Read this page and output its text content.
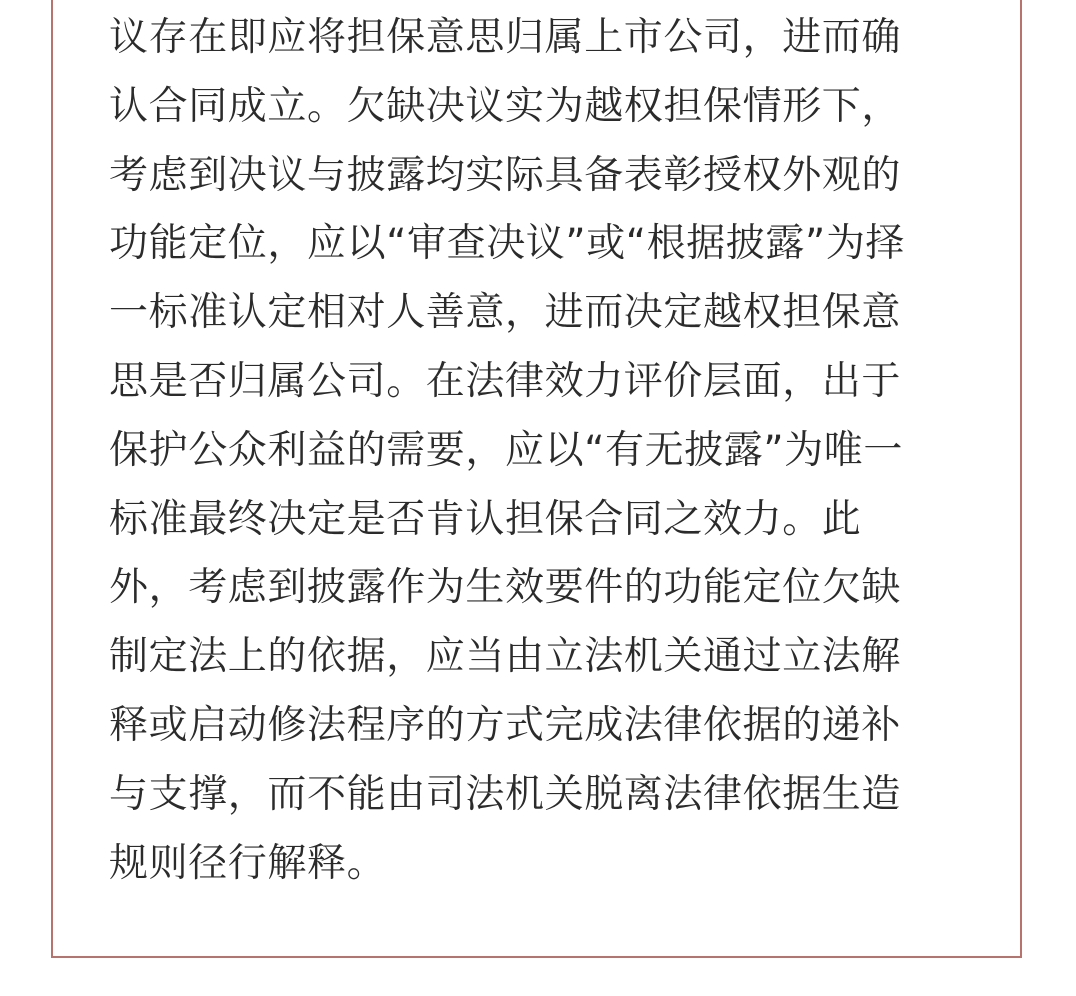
议存在即应将担保意思归属上市公司，进而确
认合同成立。欠缺决议实为越权担保情形下，
考虑到决议与披露均实际具备表彰授权外观的
功能定位，应以“审查决议”或“根据披露”为择
一标准认定相对人善意，进而决定越权担保意
思是否归属公司。在法律效力评价层面，出于
保护公众利益的需要，应以“有无披露”为唯一
标准最终决定是否肯认担保合同之效力。此
外，考虑到披露作为生效要件的功能定位欠缺
制定法上的依据，应当由立法机关通过立法解
释或启动修法程序的方式完成法律依据的递补
与支撑，而不能由司法机关脱离法律依据生造
规则径行解释。
